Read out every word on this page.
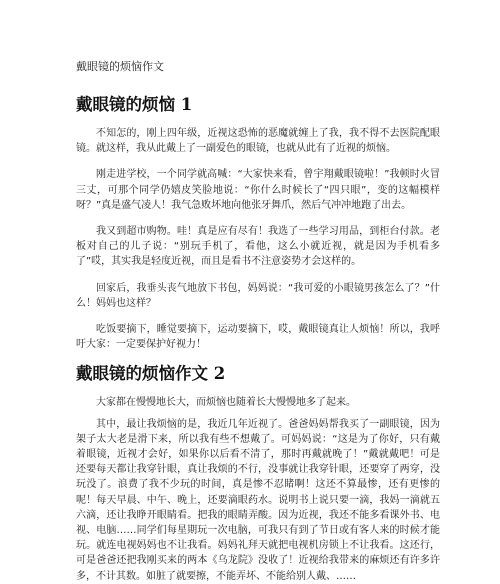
戴眼镜的烦恼作文
戴眼镜的烦恼 1

不知怎的，刚上四年级，近视这恐怖的恶魔就缠上了我，我不得不去医院配眼镜。就这样，我从此戴上了一副爱色的眼镜，也就从此有了近视的烦恼。

刚走进学校，一个同学就高喊：“大家快来看，曾宇翔戴眼镜啦！”我顿时火冒三丈，可那个同学仍嬉皮笑脸地说：“你什么时候长了“四只眼”，变的这幅模样呀？”真是盛气凌人！我气急败坏地向他张牙舞爪，然后气冲冲地跑了出去。

我又到超市购物。哇！真是应有尽有！我选了一些学习用品，到柜台付款。老板对自己的儿子说：“别玩手机了，看他，这么小就近视，就是因为手机看多了”哎，其实我是轻度近视，而且是看书不注意姿势才会这样的。

回家后，我垂头丧气地放下书包，妈妈说：“我可爱的小眼镜男孩怎么了？”什么！妈妈也这样？

吃饭要摘下，睡觉要摘下，运动要摘下，哎，戴眼镜真让人烦恼！所以，我呼吁大家：一定要保护好视力！

戴眼镜的烦恼作文 2

大家都在慢慢地长大，而烦恼也随着长大慢慢地多了起来。

其中，最让我烦恼的是，我近几年近视了。爸爸妈妈帮我买了一副眼镜，因为架子太大老是滑下来，所以我有些不想戴了。可妈妈说：“这是为了你好，只有戴着眼镜，近视才会好，如果你以后看不清了，那时再戴就晚了！”戴就戴吧！可是还要每天都让我穿针眼，真让我烦的不行，没事就让我穿针眼，还要穿了两穿，没玩没了。浪费了我不少玩的时间，真是惨不忍睹啊！这还不算最惨，还有更惨的呢！每天早晨、中午、晚上，还要滴眼药水。说明书上说只要一滴，我妈一滴就五六滴，还让我睁开眼睛看。把我的眼睛弄酸。因为近视，我还不能多看课外书、电视、电脑……同学们每星期玩一次电脑，可我只有到了节日或有客人来的时候才能玩。就连电视妈妈也不让我看。妈妈礼拜天就把电视机房锁上不让我看。这还行，可是爸爸还把我刚买来的两本《乌龙院》没收了！近视给我带来的麻烦还有许多许多，不计其数。如脏了就要擦，不能弄坏、不能给别人戴、……
